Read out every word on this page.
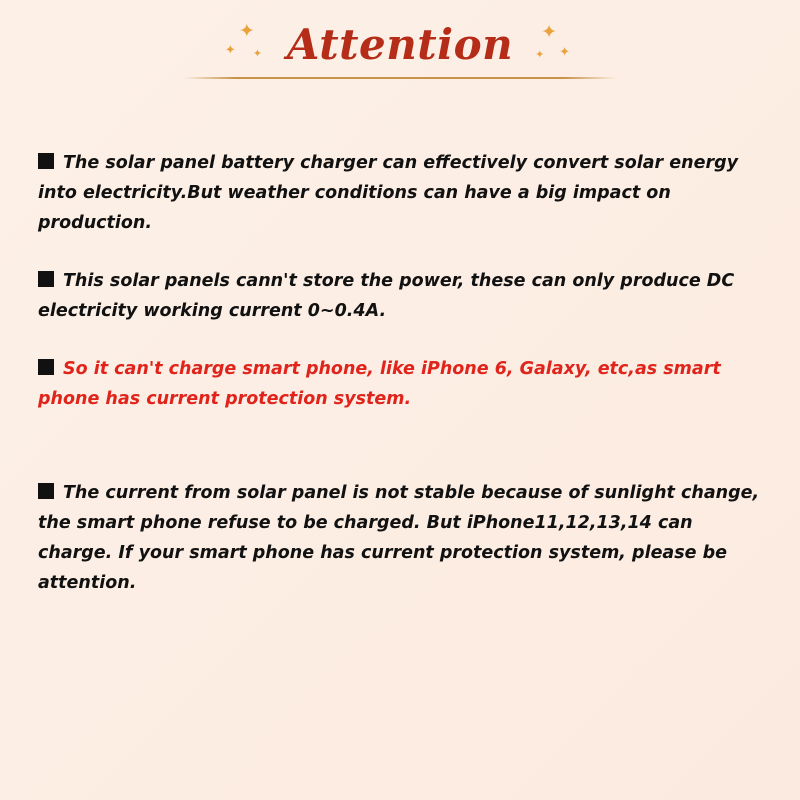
✦
✦ ✦ Attention ✦
✦
✦

The solar panel battery charger can effectively convert solar energy into electricity.But weather conditions can have a big impact on production.

This solar panels cann't store the power, these can only produce DC electricity working current 0~0.4A.

So it can't charge smart phone, like iPhone 6, Galaxy, etc,as smart phone has current protection system.

The current from solar panel is not stable because of sunlight change, the smart phone refuse to be charged. But iPhone11,12,13,14 can charge. If your smart phone has current protection system, please be attention.
